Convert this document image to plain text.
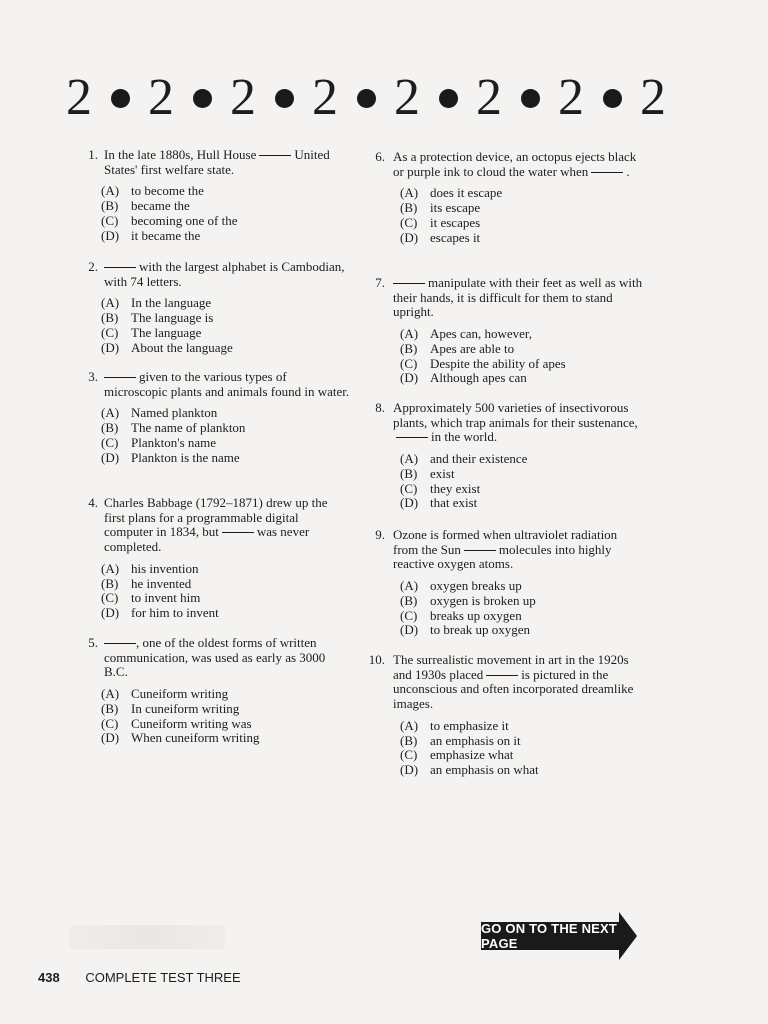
2 2 2 2 2 2 2 2
1. In the late 1880s, Hull House	United States' first welfare state.
(A) to become the
(B) became the
(C) becoming one of the
(D) it became the
2.	with the largest alphabet is Cambodian, with 74 letters.
(A) In the language
(B) The language is
(C) The language
(D) About the language
3.	given to the various types of microscopic plants and animals found in water.
(A) Named plankton
(B) The name of plankton
(C) Plankton's name
(D) Plankton is the name
4. Charles Babbage (1792–1871) drew up the first plans for a programmable digital computer in 1834, but	was never completed.
(A) his invention
(B) he invented
(C) to invent him
(D) for him to invent
5.	, one of the oldest forms of written communication, was used as early as 3000 B.C.
(A) Cuneiform writing
(B) In cuneiform writing
(C) Cuneiform writing was
(D) When cuneiform writing
6. As a protection device, an octopus ejects black or purple ink to cloud the water when	.
(A) does it escape
(B) its escape
(C) it escapes
(D) escapes it
7.	manipulate with their feet as well as with their hands, it is difficult for them to stand upright.
(A) Apes can, however,
(B) Apes are able to
(C) Despite the ability of apes
(D) Although apes can
8. Approximately 500 varieties of insectivorous plants, which trap animals for their sustenance,in the world.
(A) and their existence
(B) exist
(C) they exist
(D) that exist
9. Ozone is formed when ultraviolet radiation from the Sun	molecules into highly reactive oxygen atoms.
(A) oxygen breaks up
(B) oxygen is broken up
(C) breaks up oxygen
(D) to break up oxygen
10. The surrealistic movement in art in the 1920s and 1930s placed	is pictured in the unconscious and often incorporated dreamlike images.
(A) to emphasize it
(B) an emphasis on it
(C) emphasize what
(D) an emphasis on what
GO ON TO THE NEXT PAGE
438 COMPLETE TEST THREE
